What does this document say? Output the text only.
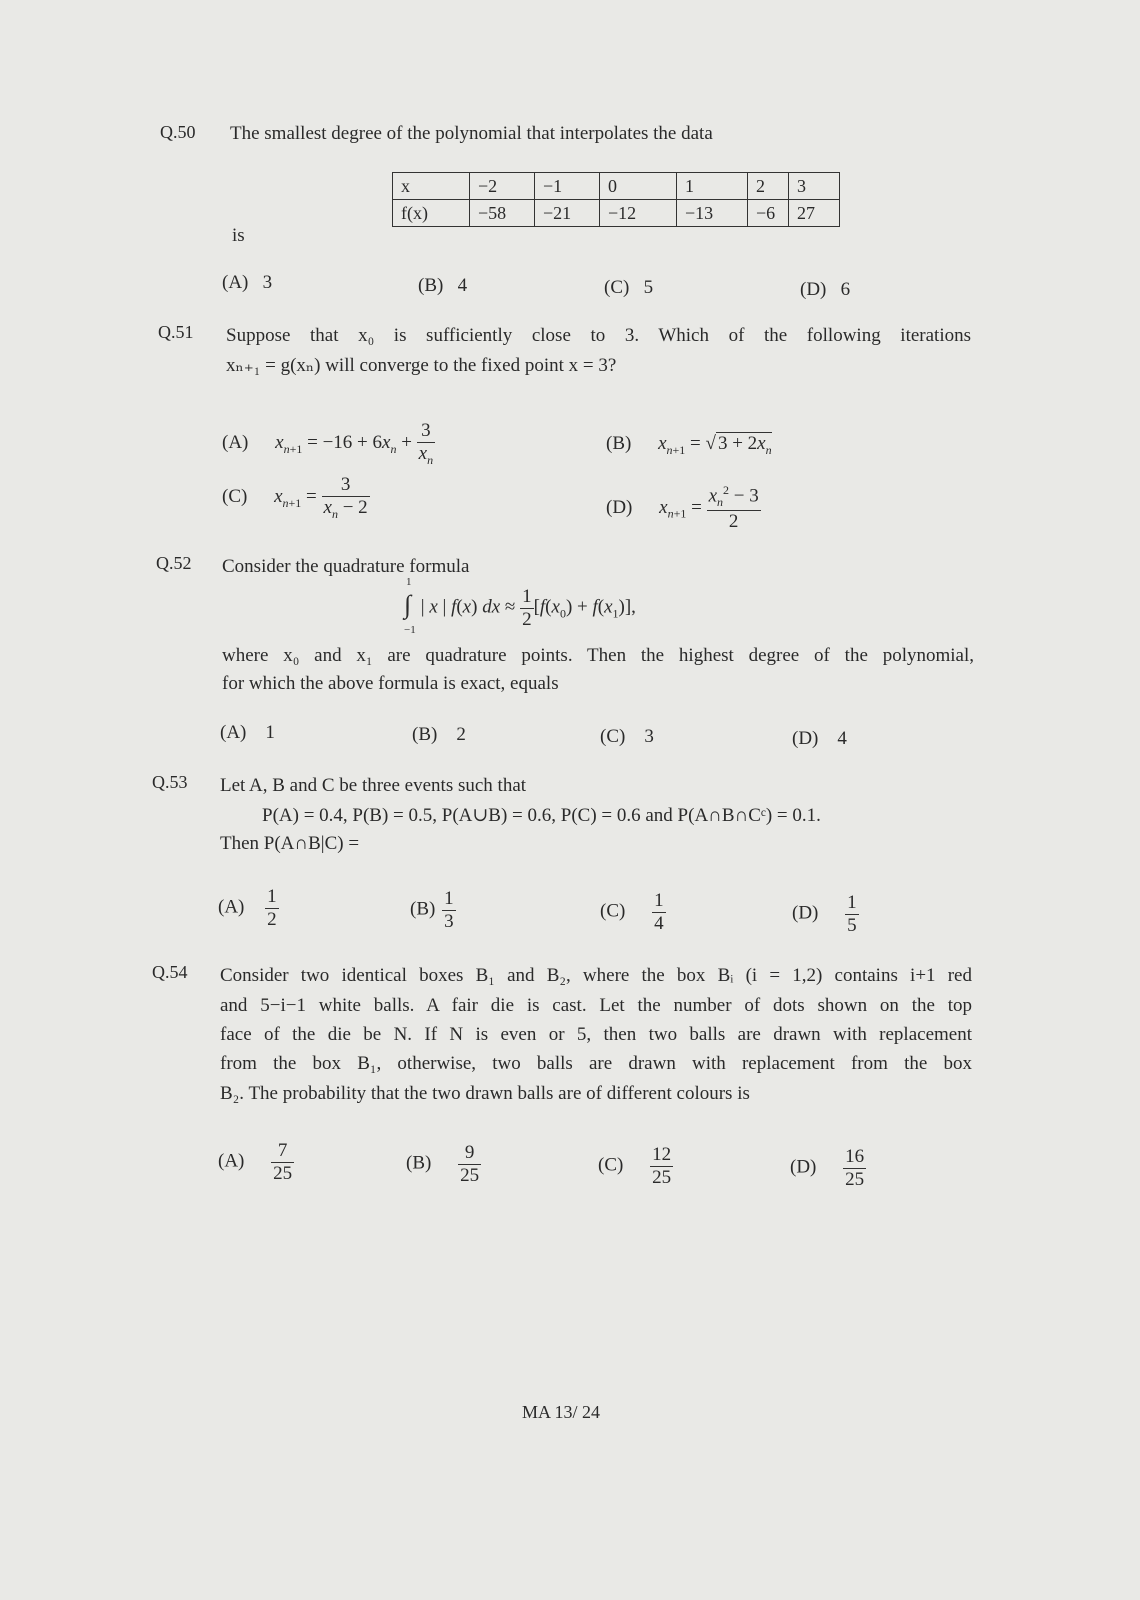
Q.50 The smallest degree of the polynomial that interpolates the data
x	−2	−1	0	1	2	3
f(x)	−58	−21	−12	−13	−6	27
is
(A) 3	(B) 4	(C) 5	(D) 6
Q.51 Suppose that x₀ is sufficiently close to 3. Which of the following iterations
xₙ₊₁ = g(xₙ) will converge to the fixed point x = 3?
(A) $x_{n+1} = -16 + 6x_n + \frac{3}{x_n}$	(B) $x_{n+1}$ = √ $3 + 2x_n$
(C) $x_{n+1} = \frac{3}{x_n - 2}$	(D) $x_{n+1} = \frac{x_n^2 - 3}{2}$
Q.52 Consider the quadrature formula
1
∫
−1
| x | f(x) dx ≈ $\frac{1}{2} [f(x_0) + f(x_1)]$,
where x₀ and x₁ are quadrature points. Then the highest degree of the polynomial,
for which the above formula is exact, equals
(A) 1	(B) 2	(C) 3	(D) 4
Q.53 Let A, B and C be three events such that
P(A) = 0.4, P(B) = 0.5, P(A∪B) = 0.6, P(C) = 0.6 and P(A∩B∩Cᶜ) = 0.1.
Then P(A∩B|C) =
$(A) \frac{1}{2}$	$(B) \frac{1}{3}$	$(C) \frac{1}{4}$	$(D) \frac{1}{5}$
Q.54 Consider two identical boxes B₁ and B₂, where the box Bᵢ (i = 1,2) contains i+1 red
and 5−i−1 white balls. A fair die is cast. Let the number of dots shown on the top
face of the die be N. If N is even or 5, then two balls are drawn with replacement
from the box B₁, otherwise, two balls are drawn with replacement from the box
B₂. The probability that the two drawn balls are of different colours is
$(A) \frac{7}{25}$	$(B) \frac{9}{25}$	$(C) \frac{12}{25}$	$(D) \frac{16}{25}$
MA 13/ 24
